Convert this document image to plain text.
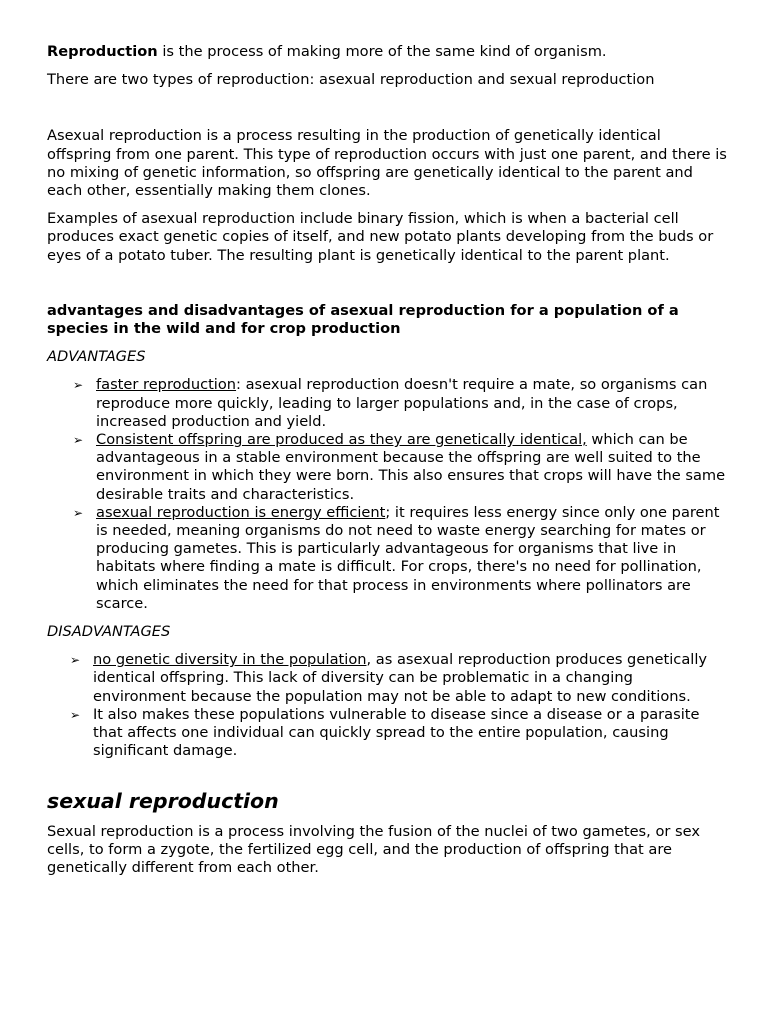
Reproduction is the process of making more of the same kind of organism.

There are two types of reproduction: asexual reproduction and sexual reproduction

Asexual reproduction is a process resulting in the production of genetically identical offspring from one parent. This type of reproduction occurs with just one parent, and there is no mixing of genetic information, so offspring are genetically identical to the parent and each other, essentially making them clones.

Examples of asexual reproduction include binary fission, which is when a bacterial cell produces exact genetic copies of itself, and new potato plants developing from the buds or eyes of a potato tuber. The resulting plant is genetically identical to the parent plant.

advantages and disadvantages of asexual reproduction for a population of a species in the wild and for crop production

ADVANTAGES

➢ faster reproduction: asexual reproduction doesn't require a mate, so organisms can reproduce more quickly, leading to larger populations and, in the case of crops, increased production and yield.
➢ Consistent offspring are produced as they are genetically identical, which can be advantageous in a stable environment because the offspring are well suited to the environment in which they were born. This also ensures that crops will have the same desirable traits and characteristics.
➢ asexual reproduction is energy efficient; it requires less energy since only one parent is needed, meaning organisms do not need to waste energy searching for mates or producing gametes. This is particularly advantageous for organisms that live in habitats where finding a mate is difficult. For crops, there's no need for pollination, which eliminates the need for that process in environments where pollinators are scarce.

DISADVANTAGES

➢ no genetic diversity in the population, as asexual reproduction produces genetically identical offspring. This lack of diversity can be problematic in a changing environment because the population may not be able to adapt to new conditions.
➢ It also makes these populations vulnerable to disease since a disease or a parasite that affects one individual can quickly spread to the entire population, causing significant damage.
sexual reproduction

Sexual reproduction is a process involving the fusion of the nuclei of two gametes, or sex cells, to form a zygote, the fertilized egg cell, and the production of offspring that are genetically different from each other.
